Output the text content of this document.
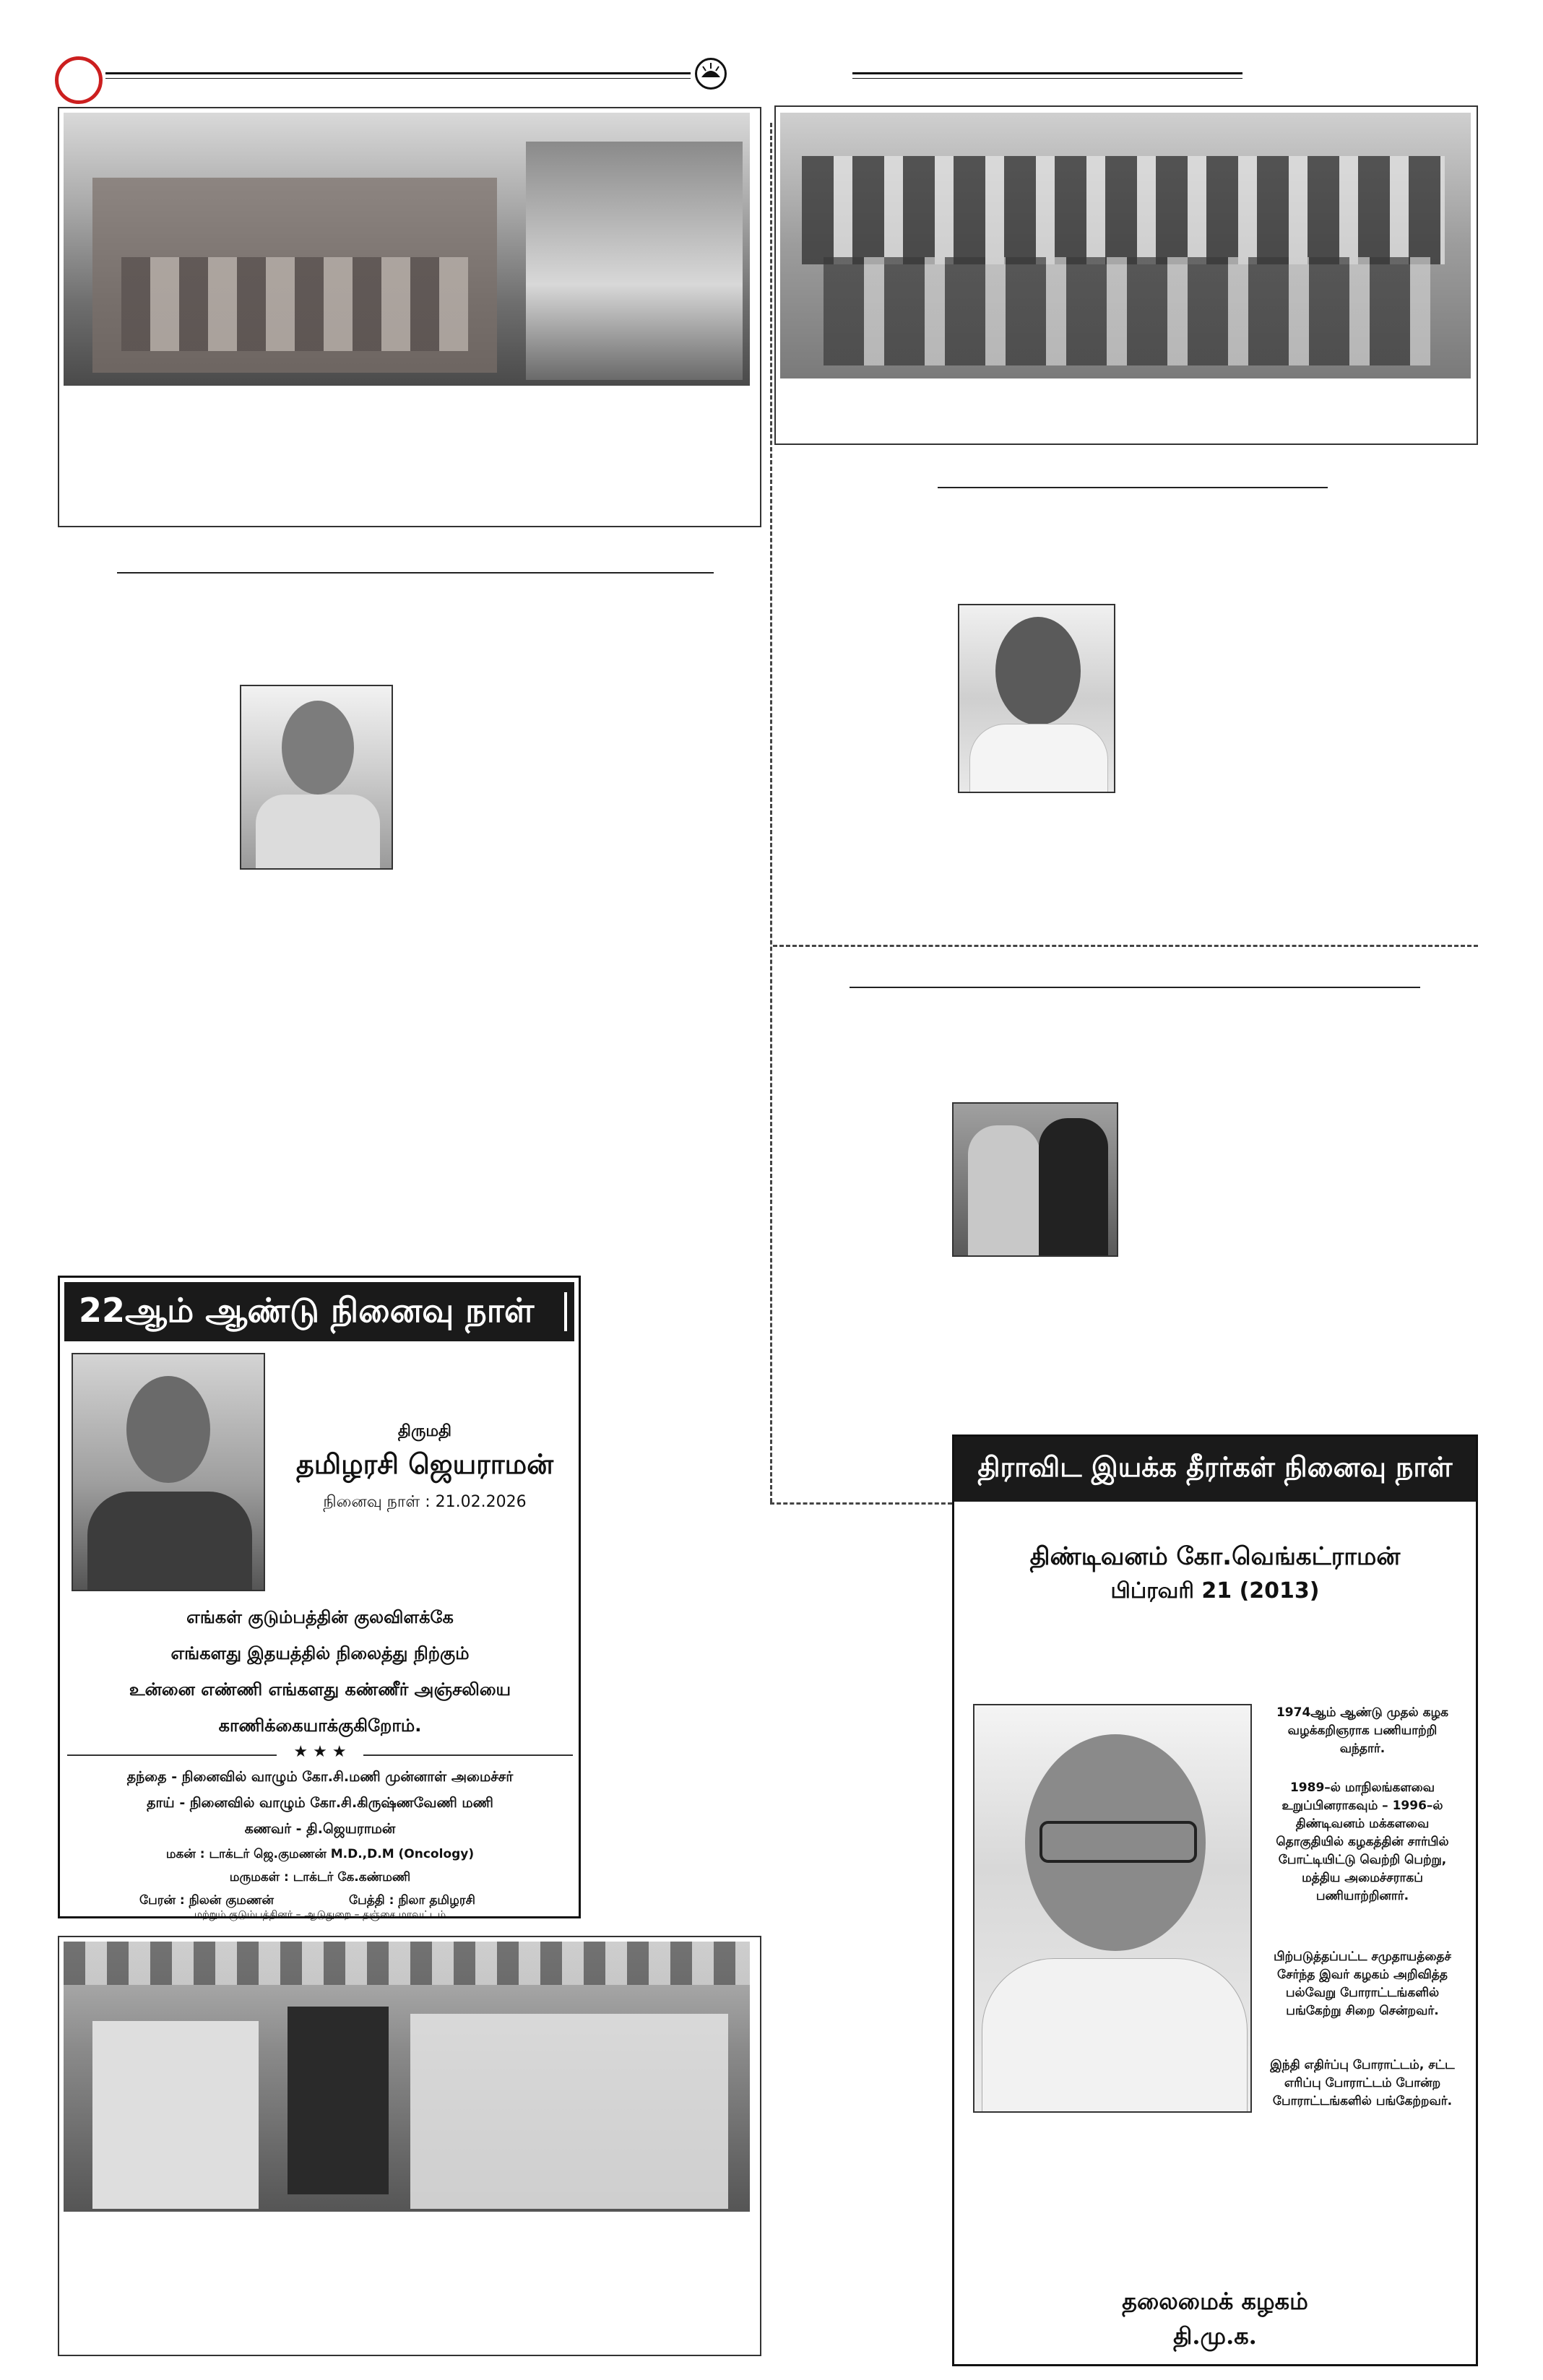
22ஆம் ஆண்டு நினைவு நாள்
திருமதி
தமிழரசி ஜெயராமன்
நினைவு நாள் : 21.02.2026
எங்கள் குடும்பத்தின் குலவிளக்கே
எங்களது இதயத்தில் நிலைத்து நிற்கும்
உன்னை எண்ணி எங்களது கண்ணீர் அஞ்சலியை
காணிக்கையாக்குகிறோம்.
★ ★ ★
தந்தை - நினைவில் வாழும் கோ.சி.மணி முன்னாள் அமைச்சர்
தாய் - நினைவில் வாழும் கோ.சி.கிருஷ்ணவேணி மணி
கணவர் - தி.ஜெயராமன்
மகன் : டாக்டர் ஜெ.குமணன் M.D.,D.M (Oncology)
மருமகள் : டாக்டர் கே.கண்மணி
பேரன் : நிலன் குமணன்	பேத்தி : நிலா தமிழரசி
மற்றும் குடும்பத்தினர் – ஆடுதுறை – தஞ்சை மாவட்டம்
திராவிட இயக்க தீரர்கள் நினைவு நாள்
திண்டிவனம் கோ.வெங்கட்ராமன்
பிப்ரவரி 21 (2013)
1974ஆம் ஆண்டு முதல் கழக வழக்கறிஞராக பணியாற்றி வந்தார்.
1989–ல் மாநிலங்களவை உறுப்பினராகவும் – 1996–ல் திண்டிவனம் மக்களவை தொகுதியில் கழகத்தின் சார்பில் போட்டியிட்டு வெற்றி பெற்று, மத்திய அமைச்சராகப் பணியாற்றினார்.
பிற்படுத்தப்பட்ட சமுதாயத்தைச் சேர்ந்த இவர் கழகம் அறிவித்த பல்வேறு போராட்டங்களில் பங்கேற்று சிறை சென்றவர்.
இந்தி எதிர்ப்பு போராட்டம், சட்ட எரிப்பு போராட்டம் போன்ற போராட்டங்களில் பங்கேற்றவர்.
தலைமைக் கழகம்
தி.மு.க.
